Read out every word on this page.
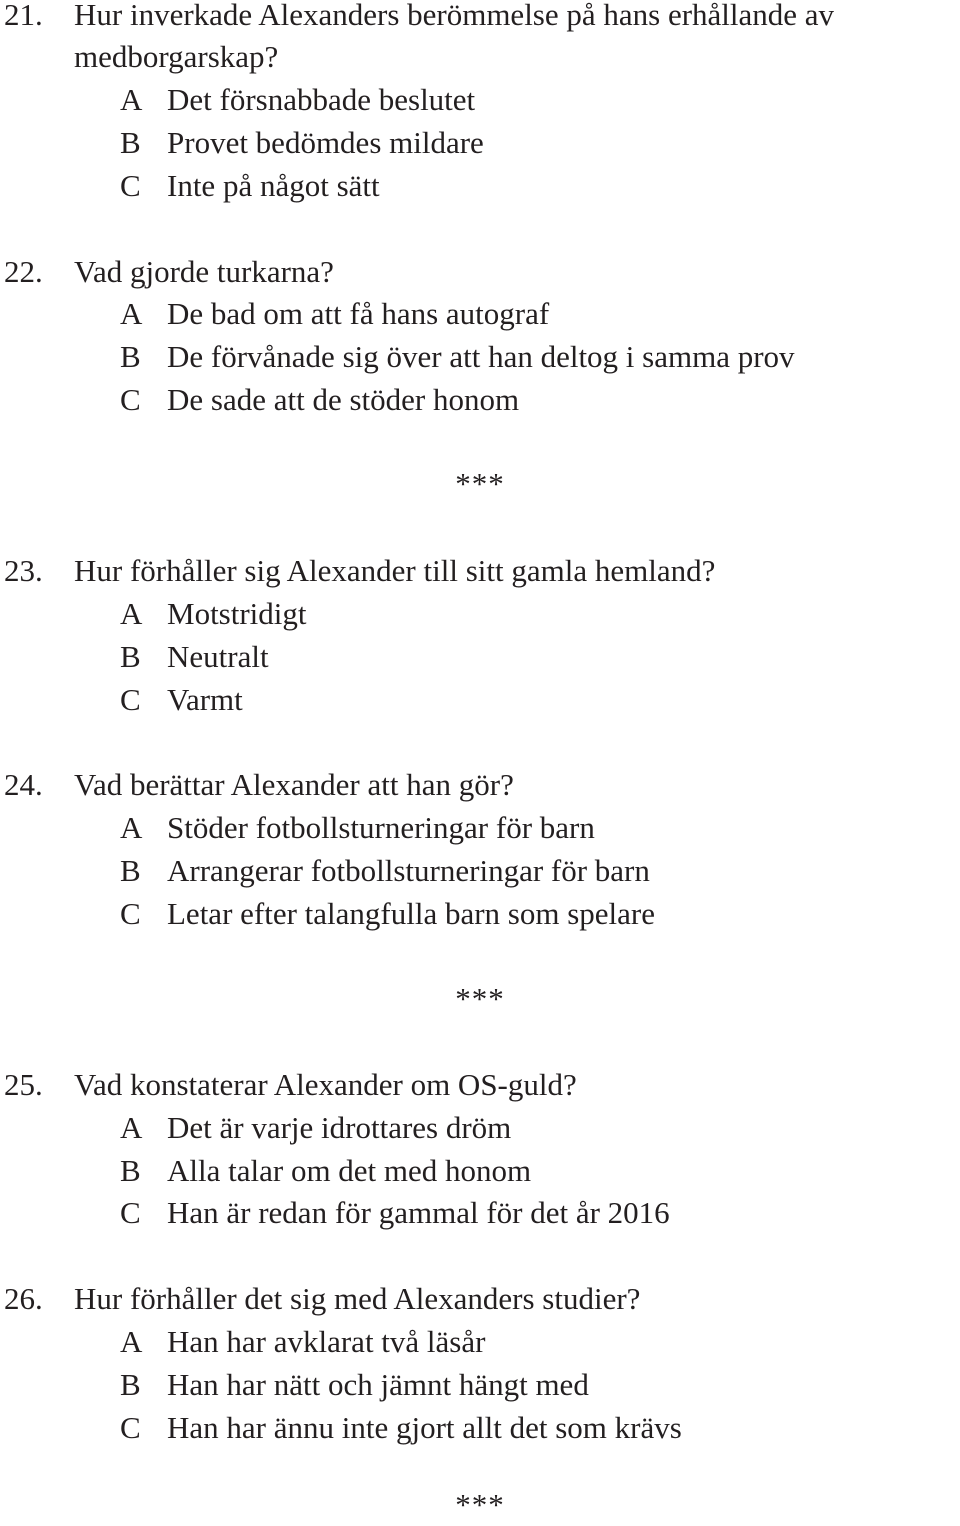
21. Hur inverkade Alexanders berömmelse på hans erhållande av
medborgarskap?
A Det försnabbade beslutet
B Provet bedömdes mildare
C Inte på något sätt
22. Vad gjorde turkarna?
A De bad om att få hans autograf
B De förvånade sig över att han deltog i samma prov
C De sade att de stöder honom
***
23. Hur förhåller sig Alexander till sitt gamla hemland?
A Motstridigt
B Neutralt
C Varmt
24. Vad berättar Alexander att han gör?
A Stöder fotbollsturneringar för barn
B Arrangerar fotbollsturneringar för barn
C Letar efter talangfulla barn som spelare
***
25. Vad konstaterar Alexander om OS-guld?
A Det är varje idrottares dröm
B Alla talar om det med honom
C Han är redan för gammal för det år 2016
26. Hur förhåller det sig med Alexanders studier?
A Han har avklarat två läsår
B Han har nätt och jämnt hängt med
C Han har ännu inte gjort allt det som krävs
***
